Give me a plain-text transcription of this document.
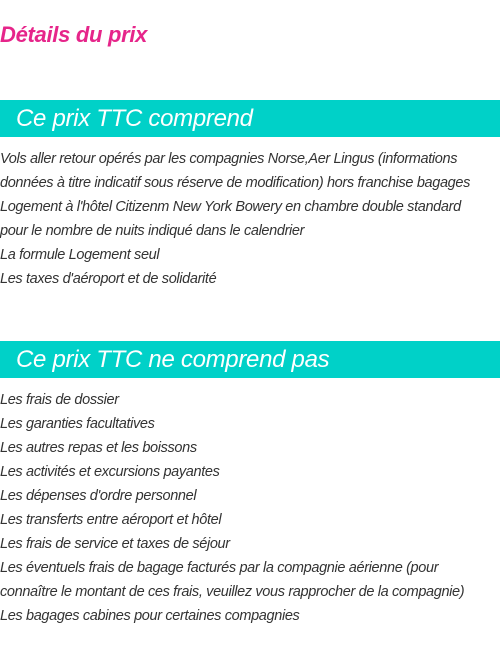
Détails du prix
Ce prix TTC comprend
Vols aller retour opérés par les compagnies Norse,Aer Lingus (informations
données à titre indicatif sous réserve de modification) hors franchise bagages
Logement à l'hôtel Citizenm New York Bowery en chambre double standard
pour le nombre de nuits indiqué dans le calendrier
La formule Logement seul
Les taxes d'aéroport et de solidarité
Ce prix TTC ne comprend pas
Les frais de dossier
Les garanties facultatives
Les autres repas et les boissons
Les activités et excursions payantes
Les dépenses d'ordre personnel
Les transferts entre aéroport et hôtel
Les frais de service et taxes de séjour
Les éventuels frais de bagage facturés par la compagnie aérienne (pour
connaître le montant de ces frais, veuillez vous rapprocher de la compagnie)
Les bagages cabines pour certaines compagnies
